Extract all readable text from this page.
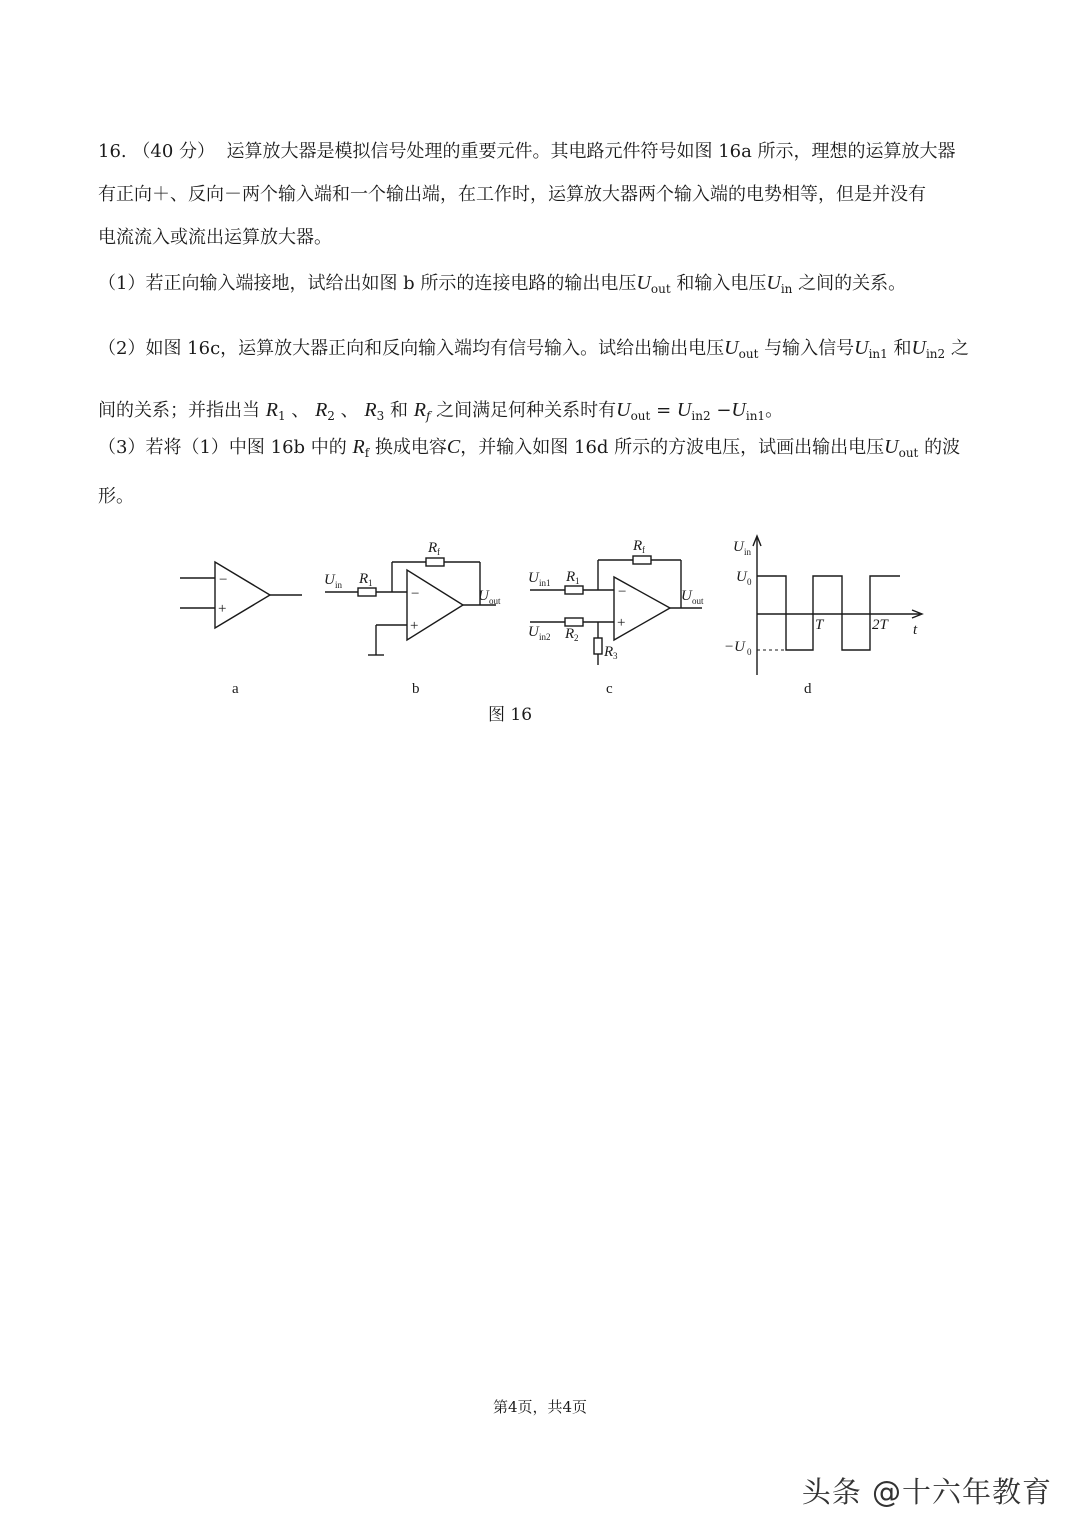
16. （40 分） 运算放大器是模拟信号处理的重要元件。其电路元件符号如图 16a 所示，理想的运算放大器
有正向＋、反向－两个输入端和一个输出端，在工作时，运算放大器两个输入端的电势相等，但是并没有
电流流入或流出运算放大器。

（1）若正向输入端接地，试给出如图 b 所示的连接电路的输出电压$U_{out}$ 和输入电压$U_{in}$ 之间的关系。

（2）如图 16c，运算放大器正向和反向输入端均有信号输入。试给出输出电压$U_{out}$ 与输入信号$U_{in1}$ 和$U_{in2}$ 之
间的关系；并指出当 $R_1$ 、 $R_2$ 、 $R_3$ 和 $R_f$ 之间满足何种关系时有$U_{out} = U_{in2} -U_{in1}$。

（3）若将（1）中图 16b 中的 $R_f$ 换成电容C，并输入如图 16d 所示的方波电压，试画出输出电压$U_{out}$ 的波
形。

−
+
−
+
−
+
U in R 1
R f
U out
U in1 R 1
R f
U out
U in2 R 2
R 3
U in
U 0
−U 0
T	2T t
a	b	c	d
图 16
第4页，共4页
头条 @十六年教育
